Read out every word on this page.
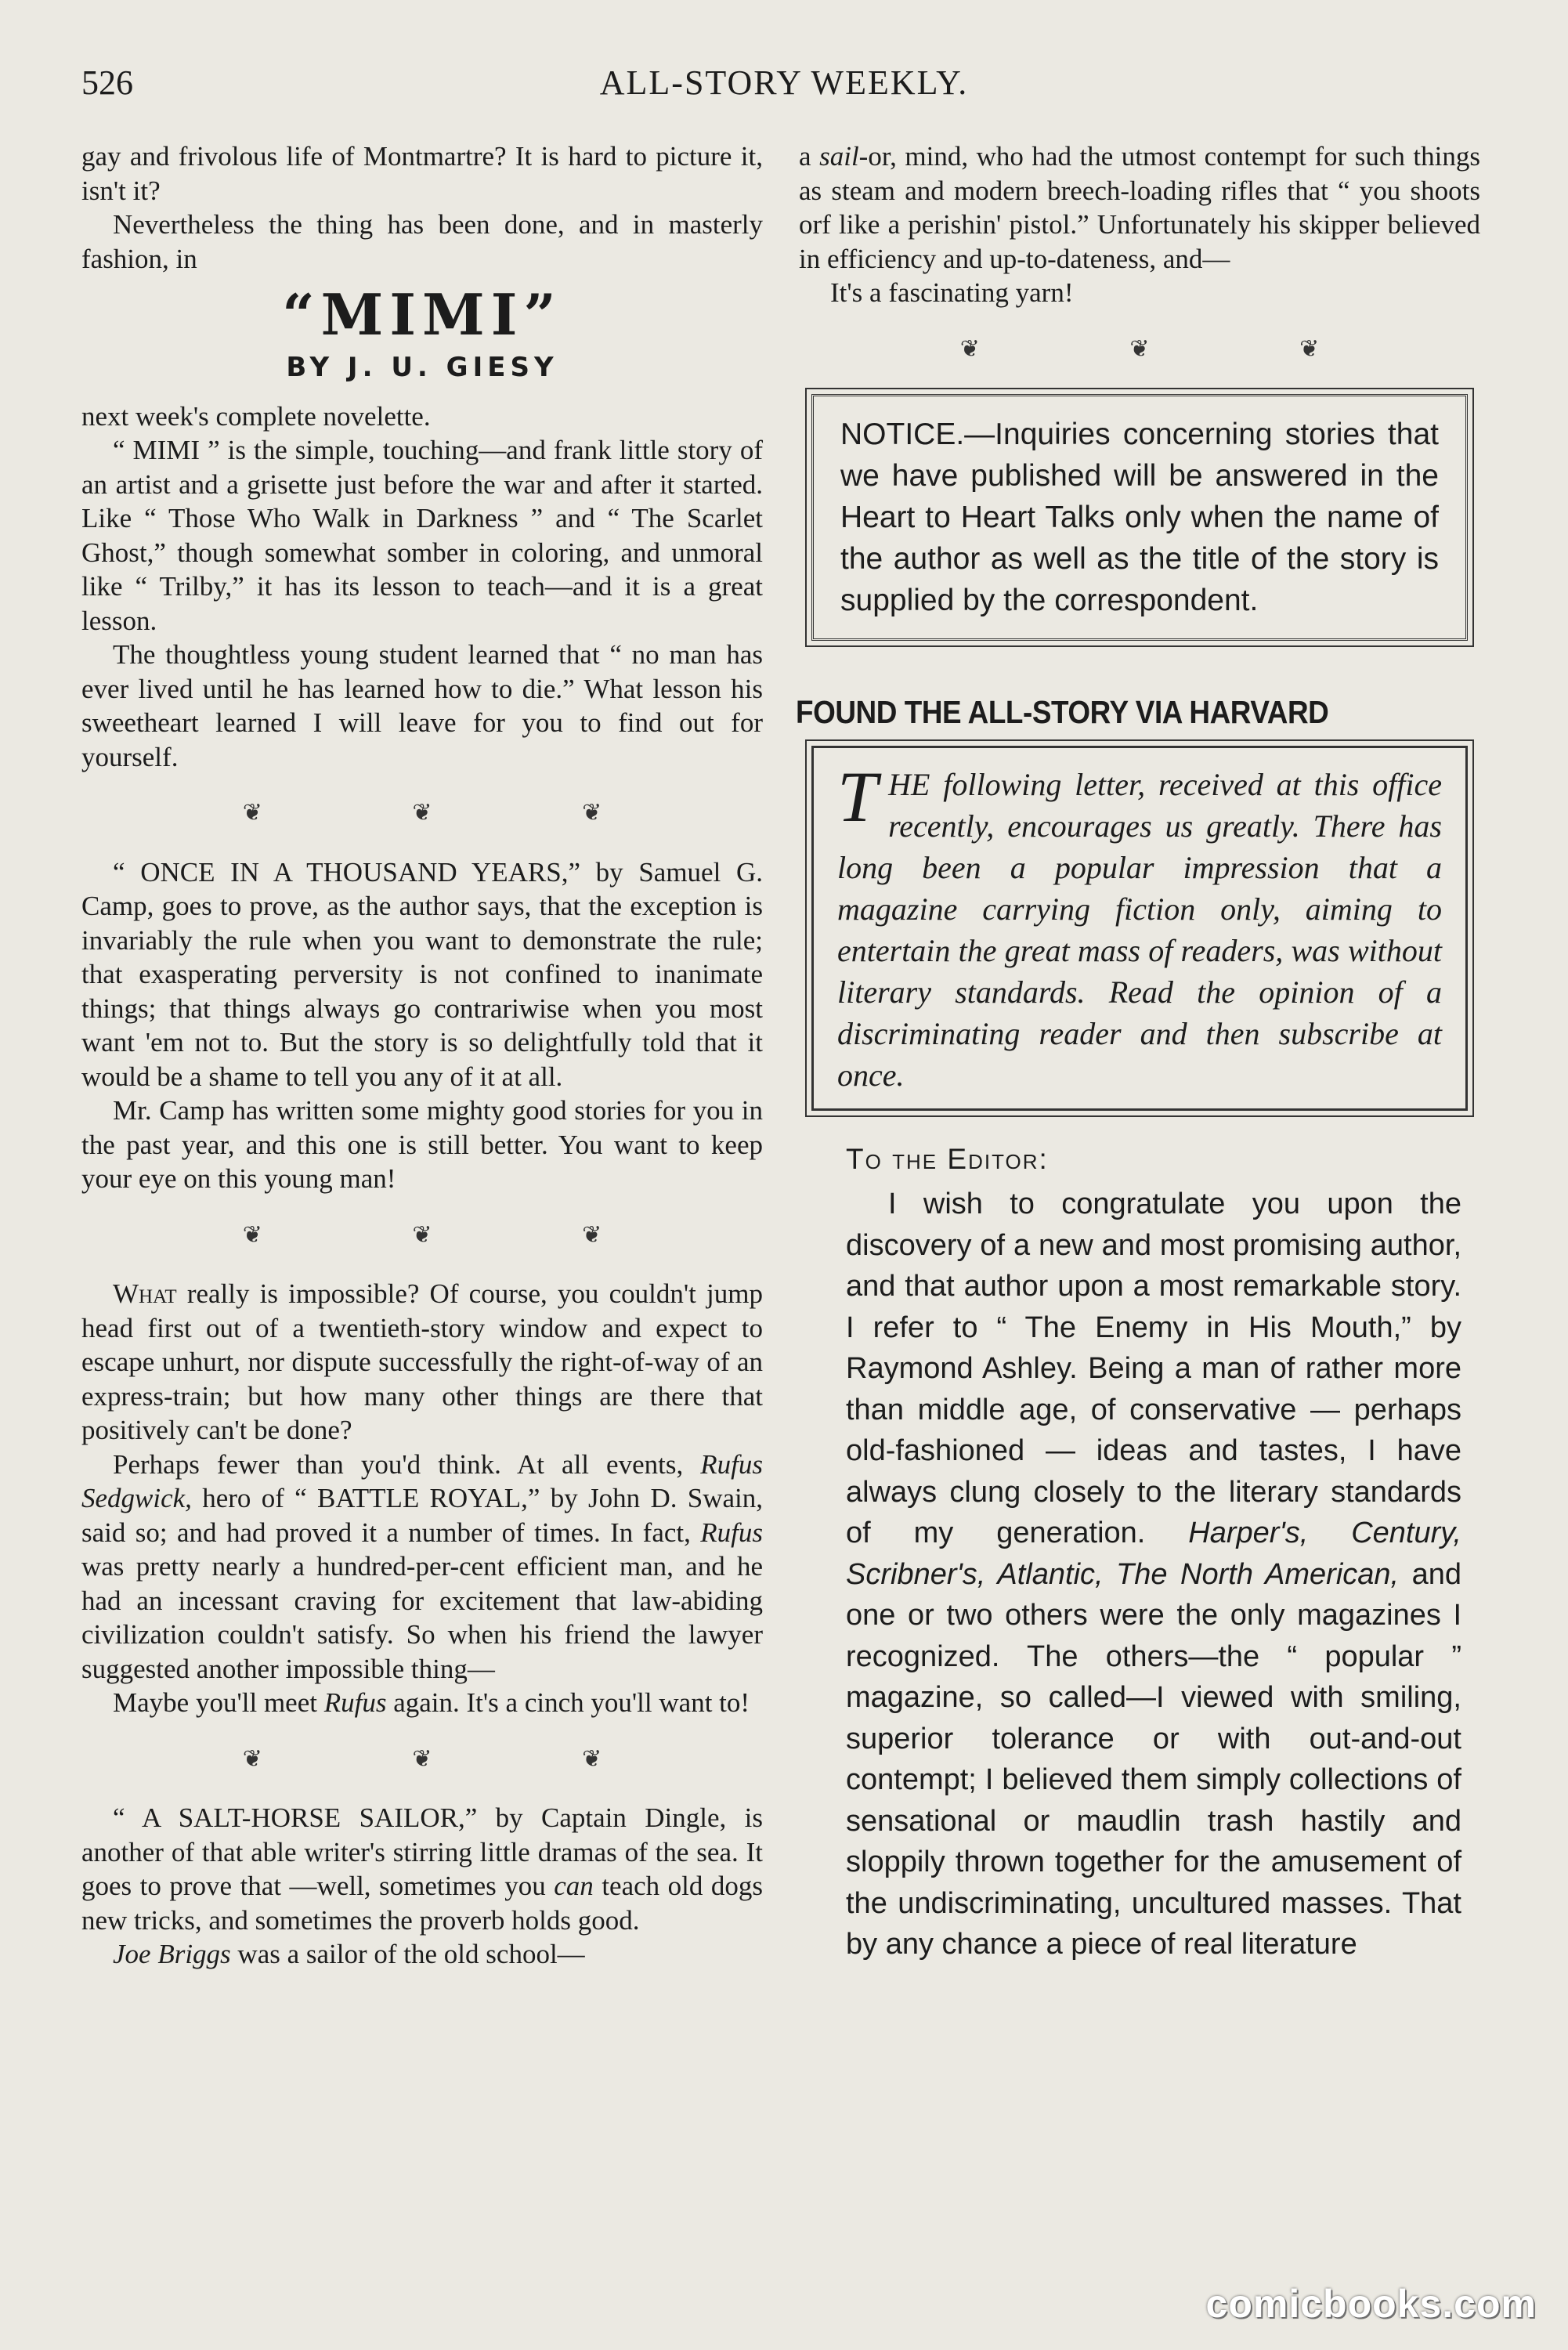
526	ALL-STORY WEEKLY.

gay and frivolous life of Montmartre? It is hard to picture it, isn't it?

Nevertheless the thing has been done, and in masterly fashion, in

“MIMI”
BY J. U. GIESY

next week's complete novelette.

“ MIMI ” is the simple, touching—and frank little story of an artist and a grisette just before the war and after it started. Like “ Those Who Walk in Darkness ” and “ The Scarlet Ghost,” though somewhat somber in coloring, and unmoral like “ Trilby,” it has its lesson to teach—and it is a great lesson.

The thoughtless young student learned that “ no man has ever lived until he has learned how to die.” What lesson his sweetheart learned I will leave for you to find out for yourself.

❦	❦	❦

“ ONCE IN A THOUSAND YEARS,” by Samuel G. Camp, goes to prove, as the author says, that the exception is invariably the rule when you want to demonstrate the rule; that exasperating perversity is not confined to inanimate things; that things always go contrariwise when you most want 'em not to. But the story is so delightfully told that it would be a shame to tell you any of it at all.

Mr. Camp has written some mighty good stories for you in the past year, and this one is still better. You want to keep your eye on this young man!

❦	❦	❦

What really is impossible? Of course, you couldn't jump head first out of a twentieth-story window and expect to escape unhurt, nor dispute successfully the right-of-way of an express-train; but how many other things are there that positively can't be done?

Perhaps fewer than you'd think. At all events, Rufus Sedgwick, hero of “ BATTLE ROYAL,” by John D. Swain, said so; and had proved it a number of times. In fact, Rufus was pretty nearly a hundred-per-cent efficient man, and he had an incessant craving for excitement that law-abiding civilization couldn't satisfy. So when his friend the lawyer suggested another impossible thing—

Maybe you'll meet Rufus again. It's a cinch you'll want to!

❦	❦	❦

“ A SALT-HORSE SAILOR,” by Captain Dingle, is another of that able writer's stirring little dramas of the sea. It goes to prove that —well, sometimes you can teach old dogs new tricks, and sometimes the proverb holds good.

Joe Briggs was a sailor of the old school—

a sail-or, mind, who had the utmost contempt for such things as steam and modern breech-loading rifles that “ you shoots orf like a perishin' pistol.” Unfortunately his skipper believed in efficiency and up-to-dateness, and—

It's a fascinating yarn!

❦	❦	❦
NOTICE.—Inquiries concerning stories that we have published will be answered in the Heart to Heart Talks only when the name of the author as well as the title of the story is supplied by the correspondent.
FOUND THE ALL-STORY VIA HARVARD
THE following letter, received at this office recently, encourages us greatly. There has long been a popular impression that a magazine carrying fiction only, aiming to entertain the great mass of readers, was without literary standards. Read the opinion of a discriminating reader and then subscribe at once.
To the Editor:

I wish to congratulate you upon the discovery of a new and most promising author, and that author upon a most remarkable story. I refer to “ The Enemy in His Mouth,” by Raymond Ashley. Being a man of rather more than middle age, of conservative — perhaps old-fashioned — ideas and tastes, I have always clung closely to the literary standards of my generation. Harper's, Century, Scribner's, Atlantic, The North American, and one or two others were the only magazines I recognized. The others—the “ popular ” magazine, so called—I viewed with smiling, superior tolerance or with out-and-out contempt; I believed them simply collections of sensational or maudlin trash hastily and sloppily thrown together for the amusement of the undiscriminating, uncultured masses. That by any chance a piece of real literature

comicbooks.com
